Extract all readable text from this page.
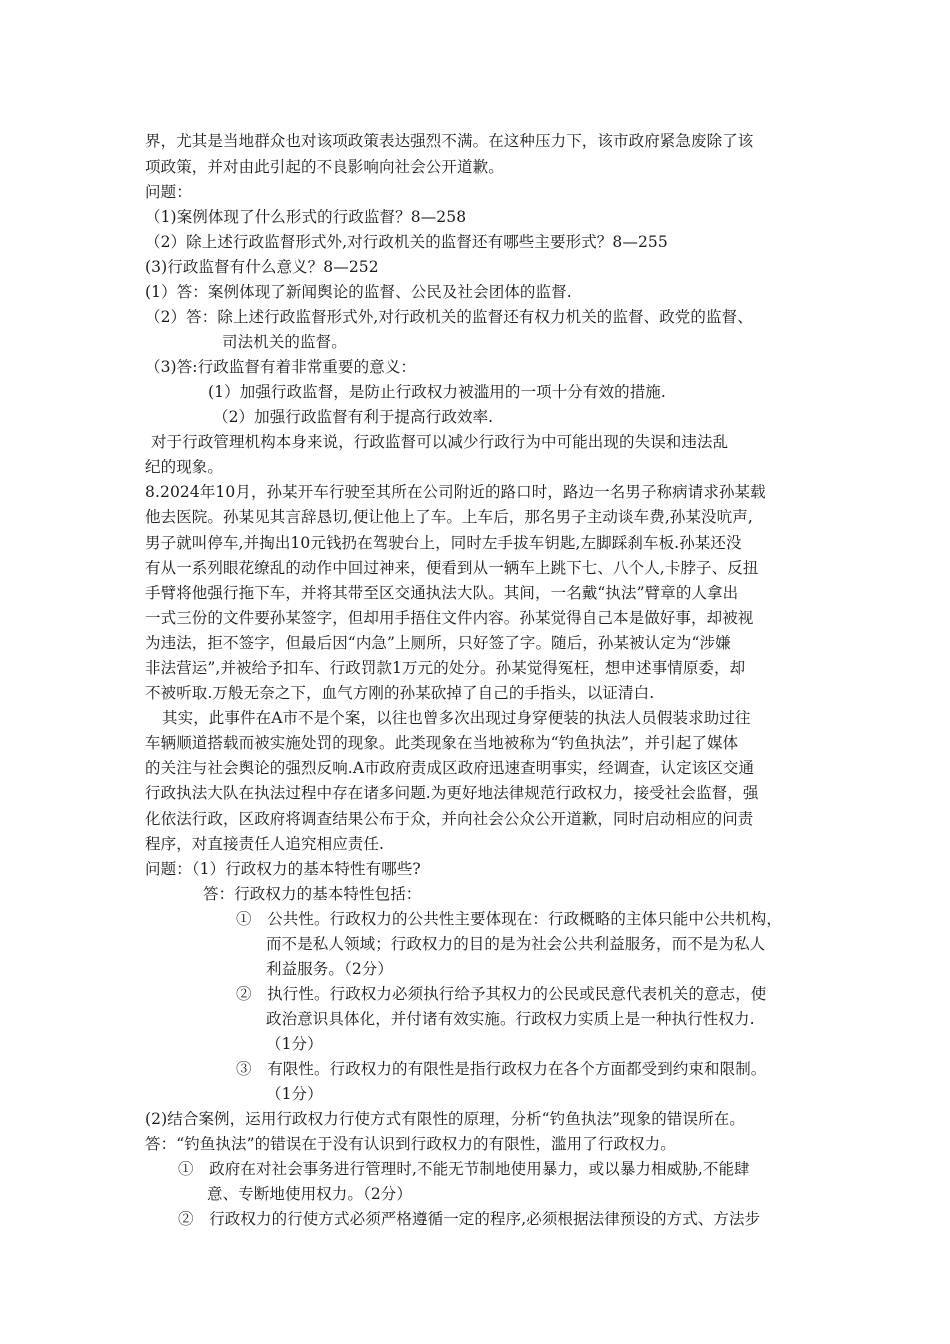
界，尤其是当地群众也对该项政策表达强烈不满。在这种压力下，该市政府紧急废除了该
项政策，并对由此引起的不良影响向社会公开道歉。
问题：
（1)案例体现了什么形式的行政监督？8—258
（2）除上述行政监督形式外,对行政机关的监督还有哪些主要形式？8—255
(3)行政监督有什么意义？8—252
(1）答：案例体现了新闻舆论的监督、公民及社会团体的监督.
（2）答：除上述行政监督形式外,对行政机关的监督还有权力机关的监督、政党的监督、
司法机关的监督。
（3)答:行政监督有着非常重要的意义：
(1）加强行政监督，是防止行政权力被滥用的一项十分有效的措施.
（2）加强行政监督有利于提高行政效率.
对于行政管理机构本身来说，行政监督可以减少行政行为中可能出现的失误和违法乱
纪的现象。
8.2024年10月，孙某开车行驶至其所在公司附近的路口时，路边一名男子称病请求孙某载
他去医院。孙某见其言辞恳切,便让他上了车。上车后，那名男子主动谈车费,孙某没吭声,
男子就叫停车,并掏出10元钱扔在驾驶台上，同时左手拔车钥匙,左脚踩刹车板.孙某还没
有从一系列眼花缭乱的动作中回过神来，便看到从一辆车上跳下七、八个人,卡脖子、反扭
手臂将他强行拖下车，并将其带至区交通执法大队。其间，一名戴“执法”臂章的人拿出
一式三份的文件要孙某签字，但却用手捂住文件内容。孙某觉得自己本是做好事，却被视
为违法，拒不签字，但最后因“内急”上厕所，只好签了字。随后，孙某被认定为“涉嫌
非法营运”,并被给予扣车、行政罚款1万元的处分。孙某觉得冤枉，想申述事情原委，却
不被听取.万般无奈之下，血气方刚的孙某砍掉了自己的手指头，以证清白.
其实，此事件在A市不是个案，以往也曾多次出现过身穿便装的执法人员假装求助过往
车辆顺道搭载而被实施处罚的现象。此类现象在当地被称为“钓鱼执法”，并引起了媒体
的关注与社会舆论的强烈反响.A市政府责成区政府迅速查明事实，经调查，认定该区交通
行政执法大队在执法过程中存在诸多问题.为更好地法律规范行政权力，接受社会监督，强
化依法行政，区政府将调查结果公布于众，并向社会公众公开道歉，同时启动相应的问责
程序，对直接责任人追究相应责任.
问题：（1）行政权力的基本特性有哪些?
答：行政权力的基本特性包括：
①　公共性。行政权力的公共性主要体现在：行政概略的主体只能中公共机构，
而不是私人领域；行政权力的目的是为社会公共利益服务，而不是为私人
利益服务。（2分）
②　执行性。行政权力必须执行给予其权力的公民或民意代表机关的意志，使
政治意识具体化，并付诸有效实施。行政权力实质上是一种执行性权力.
（1分）
③　有限性。行政权力的有限性是指行政权力在各个方面都受到约束和限制。
（1分）
(2)结合案例，运用行政权力行使方式有限性的原理，分析“钓鱼执法”现象的错误所在。
答：“钓鱼执法”的错误在于没有认识到行政权力的有限性，滥用了行政权力。
①　政府在对社会事务进行管理时,不能无节制地使用暴力，或以暴力相威胁,不能肆
意、专断地使用权力。（2分）
②　行政权力的行使方式必须严格遵循一定的程序,必须根据法律预设的方式、方法步
